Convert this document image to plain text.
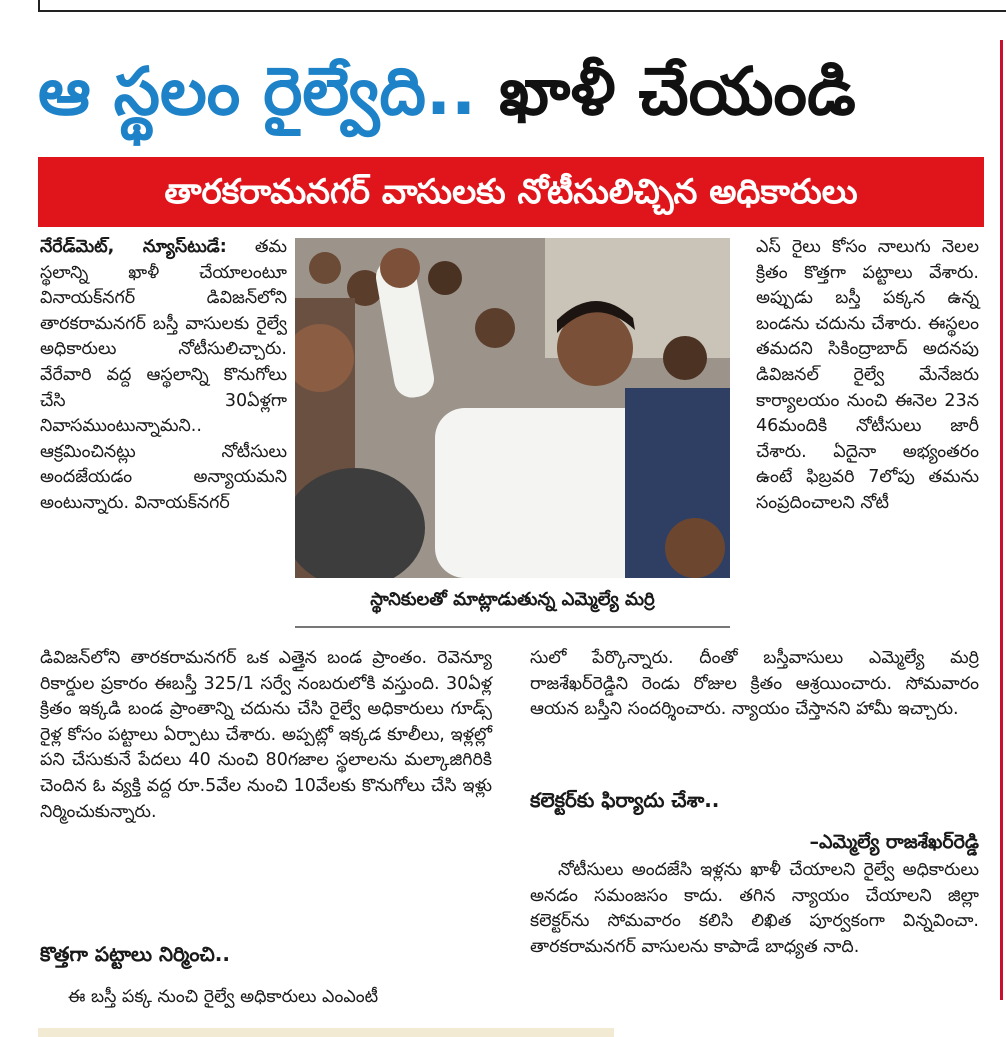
ఆ స్థలం రైల్వేది.. ఖాళీ చేయండి
తారకరామనగర్ వాసులకు నోటీసులిచ్చిన అధికారులు

నేరేడ్‌మెట్, న్యూస్‌టుడే: తమ స్థలాన్ని ఖాళీ చేయాలంటూ వినాయక్‌నగర్ డివిజన్‌లోని తారకరామనగర్ బస్తీ వాసులకు రైల్వే అధికారులు నోటీసులిచ్చారు. వేరేవారి వద్ద ఆస్థలాన్ని కొనుగోలు చేసి 30ఏళ్లగా నివాసముంటున్నామని.. ఆక్రమించినట్లు నోటీసులు అందజేయడం అన్యాయమని అంటున్నారు. వినాయక్‌నగర్

స్థానికులతో మాట్లాడుతున్న ఎమ్మెల్యే మర్రి

ఎస్ రైలు కోసం నాలుగు నెలల క్రితం కొత్తగా పట్టాలు వేశారు. అప్పుడు బస్తీ పక్కన ఉన్న బండను చదును చేశారు. ఈస్థలం తమదని సికింద్రాబాద్ అదనపు డివిజనల్ రైల్వే మేనేజరు కార్యాలయం నుంచి ఈనెల 23న 46మందికి నోటీసులు జారీ చేశారు. ఏదైనా అభ్యంతరం ఉంటే ఫిబ్రవరి 7లోపు తమను సంప్రదించాలని నోటీ

డివిజన్‌లోని తారకరామనగర్ ఒక ఎత్తైన బండ ప్రాంతం. రెవెన్యూ రికార్డుల ప్రకారం ఈబస్తీ 325/1 సర్వే నంబరులోకి వస్తుంది. 30ఏళ్ల క్రితం ఇక్కడి బండ ప్రాంతాన్ని చదును చేసి రైల్వే అధికారులు గూడ్స్ రైళ్ల కోసం పట్టాలు ఏర్పాటు చేశారు. అప్పట్లో ఇక్కడ కూలీలు, ఇళ్లల్లో పని చేసుకునే పేదలు 40 నుంచి 80గజాల స్థలాలను మల్కాజిగిరికి చెందిన ఓ వ్యక్తి వద్ద రూ.5వేల నుంచి 10వేలకు కొనుగోలు చేసి ఇళ్లు నిర్మించుకున్నారు.

కొత్తగా పట్టాలు నిర్మించి..

ఈ బస్తీ పక్క నుంచి రైల్వే అధికారులు ఎంఎంటీ

సులో పేర్కొన్నారు. దీంతో బస్తీవాసులు ఎమ్మెల్యే మర్రి రాజశేఖర్‌రెడ్డిని రెండు రోజుల క్రితం ఆశ్రయించారు. సోమవారం ఆయన బస్తీని సందర్శించారు. న్యాయం చేస్తానని హామీ ఇచ్చారు.

కలెక్టర్‌కు ఫిర్యాదు చేశా..
–ఎమ్మెల్యే రాజశేఖర్‌రెడ్డి

నోటీసులు అందజేసి ఇళ్లను ఖాళీ చేయాలని రైల్వే అధికారులు అనడం సమంజసం కాదు. తగిన న్యాయం చేయాలని జిల్లా కలెక్టర్‌ను సోమవారం కలిసి లిఖిత పూర్వకంగా విన్నవించా. తారకరామనగర్ వాసులను కాపాడే బాధ్యత నాది.
